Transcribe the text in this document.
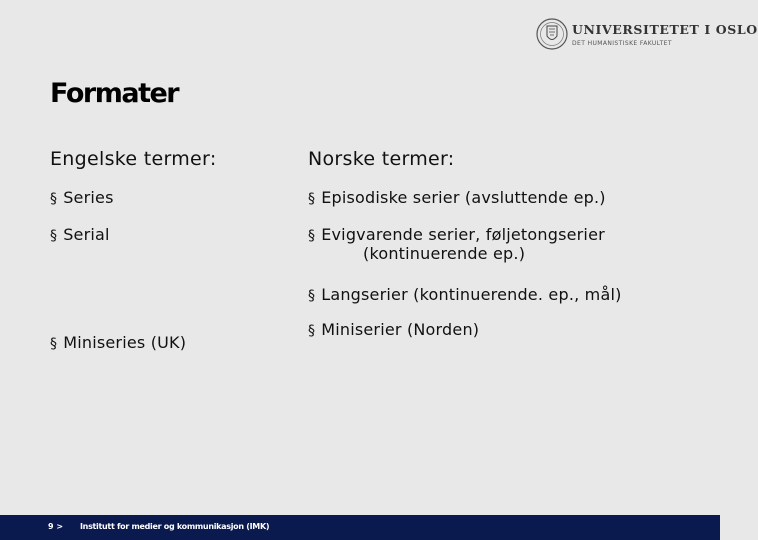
UNIVERSITETET I OSLO
DET HUMANISTISKE FAKULTET
Formater
Engelske termer:
§ Series
§ Serial
§ Miniseries (UK)
Norske termer:
§ Episodiske serier (avsluttende ep.)
§ Evigvarende serier, føljetongserier
(kontinuerende ep.)
§ Langserier (kontinuerende. ep., mål)
§ Miniserier (Norden)
9 > Institutt for medier og kommunikasjon (IMK)
